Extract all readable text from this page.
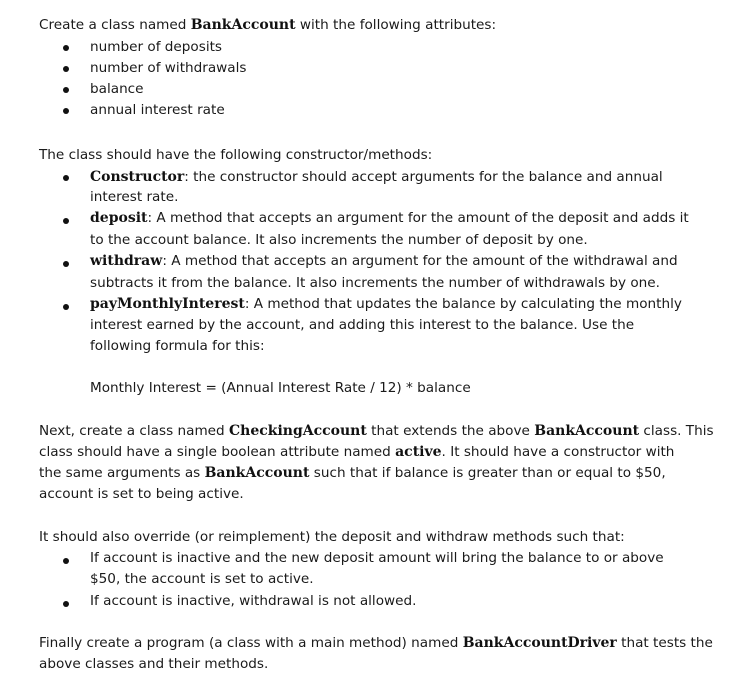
Create a class named BankAccount with the following attributes:

number of deposits

number of withdrawals

balance

annual interest rate

The class should have the following constructor/methods:

Constructor: the constructor should accept arguments for the balance and annual

interest rate.

deposit: A method that accepts an argument for the amount of the deposit and adds it

to the account balance. It also increments the number of deposit by one.

withdraw: A method that accepts an argument for the amount of the withdrawal and

subtracts it from the balance. It also increments the number of withdrawals by one.

payMonthlyInterest: A method that updates the balance by calculating the monthly

interest earned by the account, and adding this interest to the balance. Use the

following formula for this:

Monthly Interest = (Annual Interest Rate / 12) * balance

Next, create a class named CheckingAccount that extends the above BankAccount class. This

class should have a single boolean attribute named active. It should have a constructor with

the same arguments as BankAccount such that if balance is greater than or equal to $50,

account is set to being active.

It should also override (or reimplement) the deposit and withdraw methods such that:

If account is inactive and the new deposit amount will bring the balance to or above

$50, the account is set to active.

If account is inactive, withdrawal is not allowed.

Finally create a program (a class with a main method) named BankAccountDriver that tests the

above classes and their methods.
